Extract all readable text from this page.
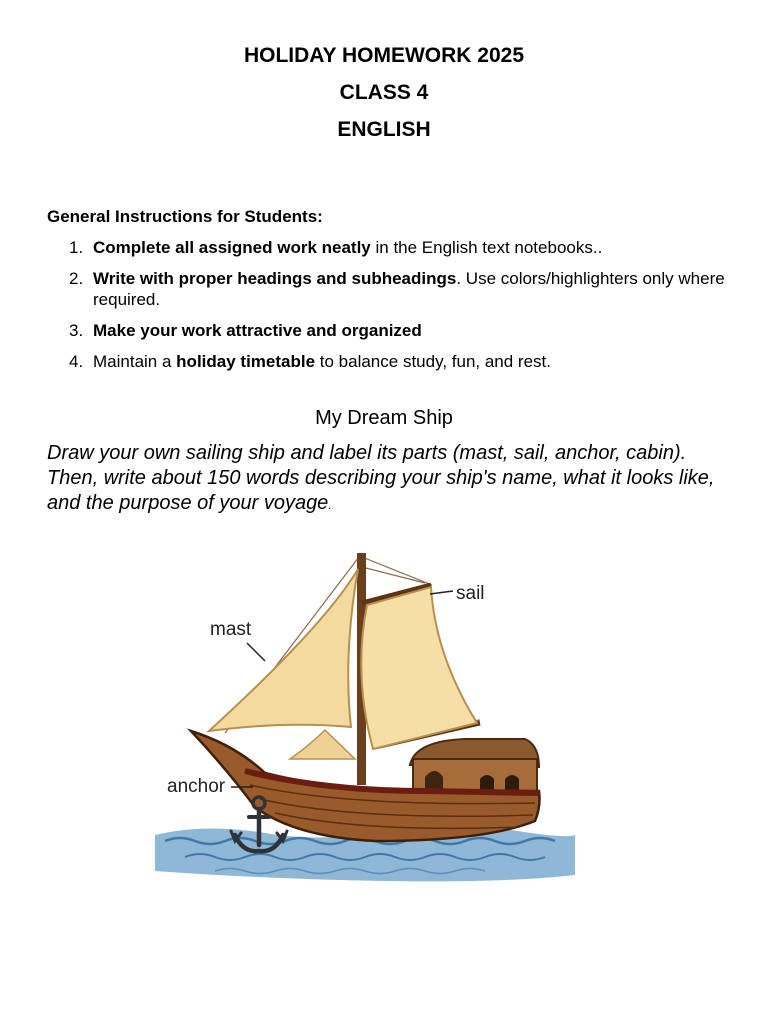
HOLIDAY HOMEWORK 2025
CLASS 4
ENGLISH
General Instructions for Students:
1. Complete all assigned work neatly in the English text notebooks..
2. Write with proper headings and subheadings. Use colors/highlighters only where required.
3. Make your work attractive and organized
4. Maintain a holiday timetable to balance study, fun, and rest.
My Dream Ship
Draw your own sailing ship and label its parts (mast, sail, anchor, cabin). Then, write about 150 words describing your ship's name, what it looks like, and the purpose of your voyage.
sail
mast
anchor
